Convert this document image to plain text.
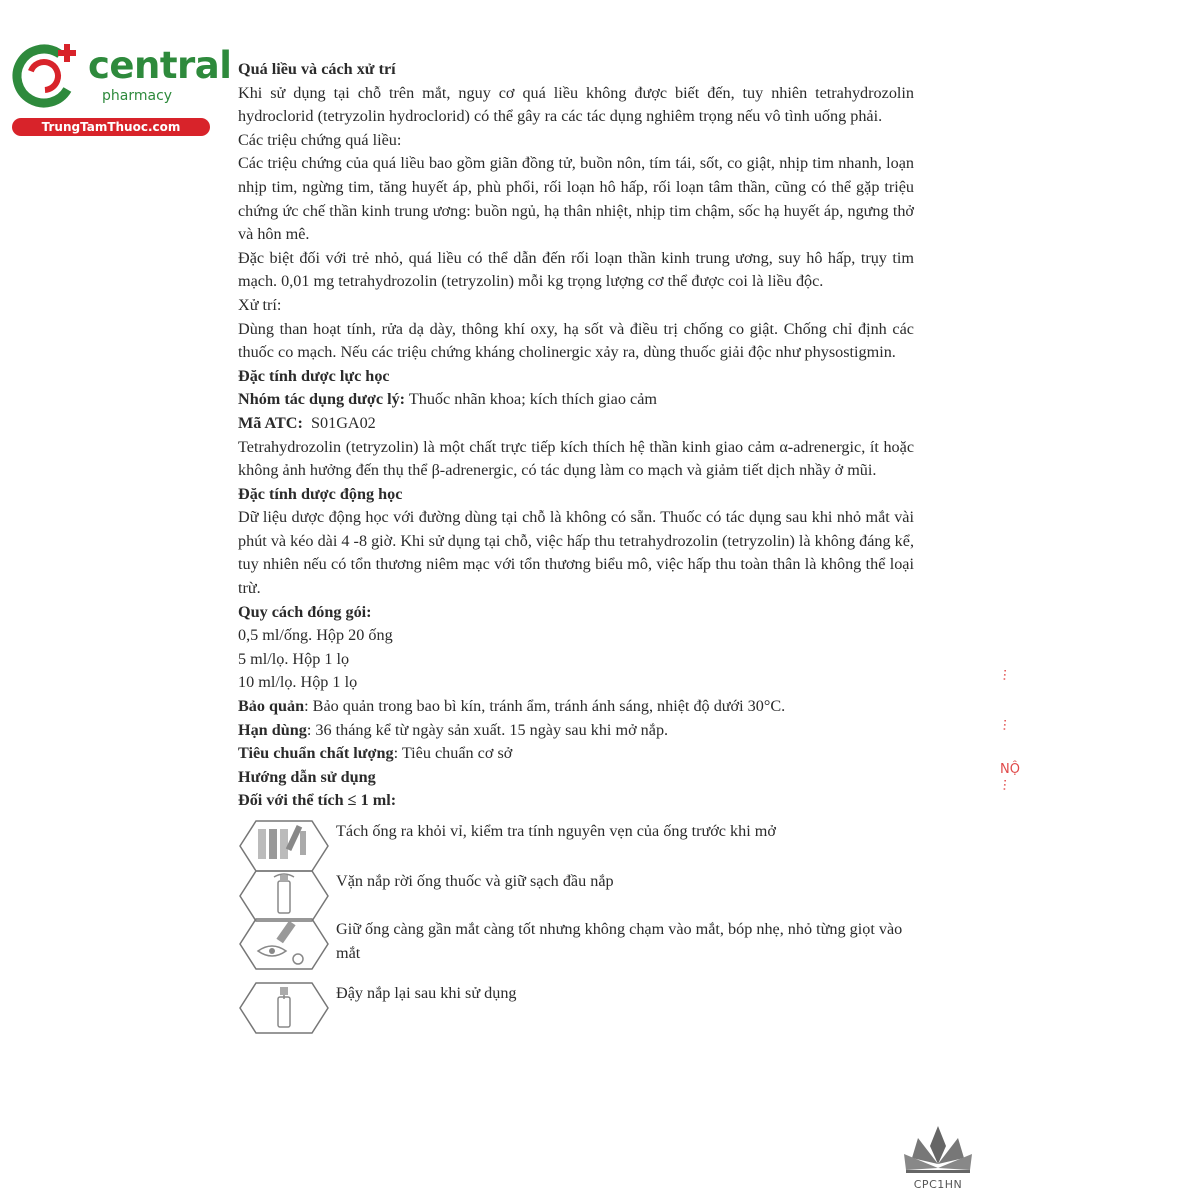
central
pharmacy
TrungTamThuoc.com

Quá liều và cách xử trí

Khi sử dụng tại chỗ trên mắt, nguy cơ quá liều không được biết đến, tuy nhiên tetrahydrozolin hydroclorid (tetryzolin hydroclorid) có thể gây ra các tác dụng nghiêm trọng nếu vô tình uống phải.

Các triệu chứng quá liều:

Các triệu chứng của quá liều bao gồm giãn đồng tử, buồn nôn, tím tái, sốt, co giật, nhịp tim nhanh, loạn nhịp tim, ngừng tim, tăng huyết áp, phù phổi, rối loạn hô hấp, rối loạn tâm thần, cũng có thể gặp triệu chứng ức chế thần kinh trung ương: buồn ngủ, hạ thân nhiệt, nhịp tim chậm, sốc hạ huyết áp, ngưng thở và hôn mê.

Đặc biệt đối với trẻ nhỏ, quá liều có thể dẫn đến rối loạn thần kinh trung ương, suy hô hấp, trụy tim mạch. 0,01 mg tetrahydrozolin (tetryzolin) mỗi kg trọng lượng cơ thể được coi là liều độc.

Xử trí:

Dùng than hoạt tính, rửa dạ dày, thông khí oxy, hạ sốt và điều trị chống co giật. Chống chỉ định các thuốc co mạch. Nếu các triệu chứng kháng cholinergic xảy ra, dùng thuốc giải độc như physostigmin.

Đặc tính dược lực học

Nhóm tác dụng dược lý: Thuốc nhãn khoa; kích thích giao cảm

Mã ATC:  S01GA02

Tetrahydrozolin (tetryzolin) là một chất trực tiếp kích thích hệ thần kinh giao cảm α-adrenergic, ít hoặc không ảnh hưởng đến thụ thể β-adrenergic, có tác dụng làm co mạch và giảm tiết dịch nhầy ở mũi.

Đặc tính dược động học

Dữ liệu dược động học với đường dùng tại chỗ là không có sẵn. Thuốc có tác dụng sau khi nhỏ mắt vài phút và kéo dài 4 -8 giờ. Khi sử dụng tại chỗ, việc hấp thu tetrahydrozolin (tetryzolin) là không đáng kể, tuy nhiên nếu có tổn thương niêm mạc với tổn thương biểu mô, việc hấp thu toàn thân là không thể loại trừ.

Quy cách đóng gói:

0,5 ml/ống. Hộp 20 ống

5 ml/lọ. Hộp 1 lọ

10 ml/lọ. Hộp 1 lọ

Bảo quản: Bảo quản trong bao bì kín, tránh ẩm, tránh ánh sáng, nhiệt độ dưới 30°C.

Hạn dùng: 36 tháng kể từ ngày sản xuất. 15 ngày sau khi mở nắp.

Tiêu chuẩn chất lượng: Tiêu chuẩn cơ sở

Hướng dẫn sử dụng

Đối với thể tích ≤ 1 ml:

Tách ống ra khỏi vỉ, kiểm tra tính nguyên vẹn của ống trước khi mở
Vặn nắp rời ống thuốc và giữ sạch đầu nắp
Giữ ống càng gần mắt càng tốt nhưng không chạm vào mắt, bóp nhẹ, nhỏ từng giọt vào mắt
Đậy nắp lại sau khi sử dụng
...
...
NỘ
...
CPC1HN
